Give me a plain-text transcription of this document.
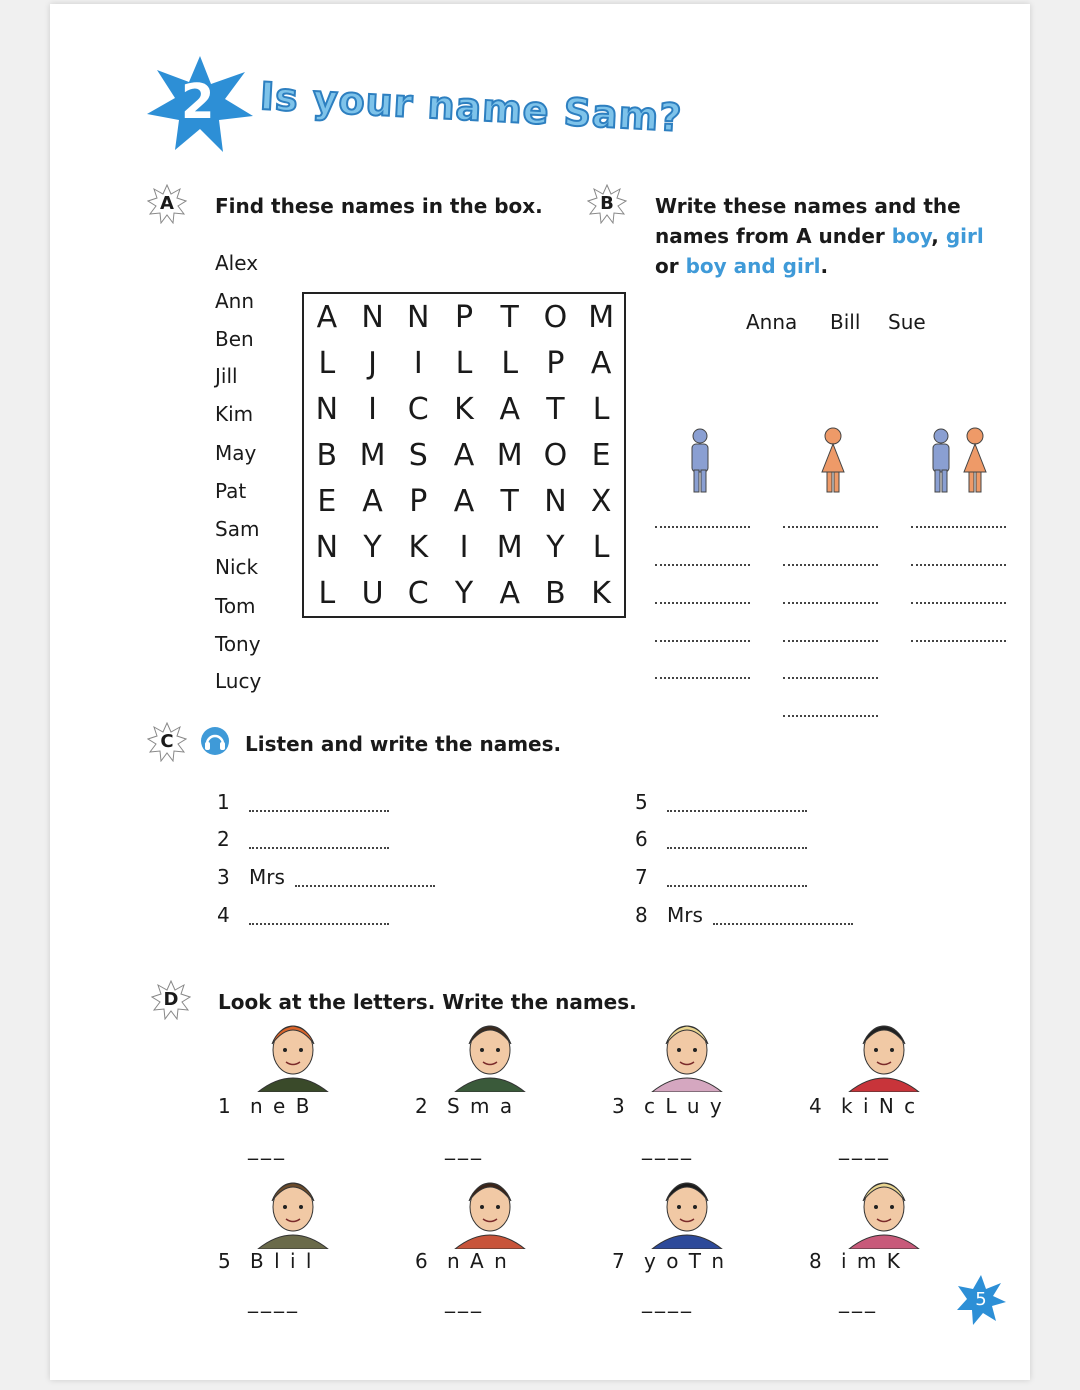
2 Is your name Sam?
A	Find these names in the box.
Alex
Ann
Ben
Jill
Kim
May
Pat
Sam
Nick
Tom
Tony
Lucy
A N N P T O M
L	J	I	L L P A
N	I	C K A T L
B M S A M O E
E A P A T N X
N Y K	I M Y L
L U C Y A B K
B	Write these names and the
names from A under boy, girl
or boy and girl.
Anna Bill Sue
C	Listen and write the names.
1
2
3 Mrs
4
5
6
7
8 Mrs
D	Look at the letters. Write the names.
1 n e B
___
2 S m a
___
3 c L u y
____
4 k i N c
____
5 B l i l
____
6 n A n
___
7 y o T n
____
8 i m K
___	5
